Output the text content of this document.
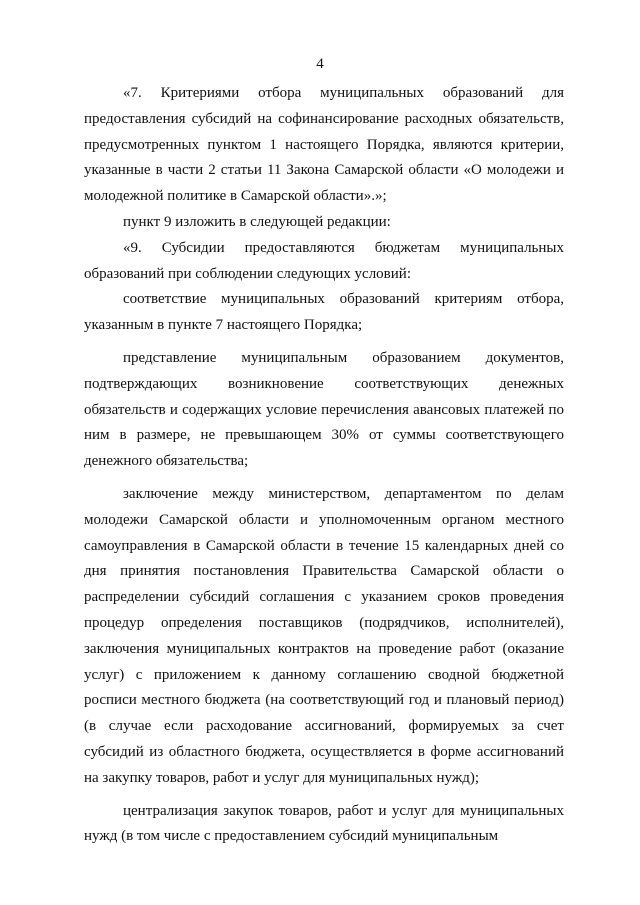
4

«7. Критериями отбора муниципальных образований для предоставления субсидий на софинансирование расходных обязательств, предусмотренных пунктом 1 настоящего Порядка, являются критерии, указанные в части 2 статьи 11 Закона Самарской области «О молодежи и молодежной политике в Самарской области».»;

пункт 9 изложить в следующей редакции:

«9. Субсидии предоставляются бюджетам муниципальных образований при соблюдении следующих условий:

соответствие муниципальных образований критериям отбора, указанным в пункте 7 настоящего Порядка;

представление муниципальным образованием документов, подтверждающих возникновение соответствующих денежных обязательств и содержащих условие перечисления авансовых платежей по ним в размере, не превышающем 30% от суммы соответствующего денежного обязательства;

заключение между министерством, департаментом по делам молодежи Самарской области и уполномоченным органом местного самоуправления в Самарской области в течение 15 календарных дней со дня принятия постановления Правительства Самарской области о распределении субсидий соглашения с указанием сроков проведения процедур определения поставщиков (подрядчиков, исполнителей), заключения муниципальных контрактов на проведение работ (оказание услуг) с приложением к данному соглашению сводной бюджетной росписи местного бюджета (на соответствующий год и плановый период) (в случае если расходование ассигнований, формируемых за счет субсидий из областного бюджета, осуществляется в форме ассигнований на закупку товаров, работ и услуг для муниципальных нужд);

централизация закупок товаров, работ и услуг для муниципальных нужд (в том числе с предоставлением субсидий муниципальным
